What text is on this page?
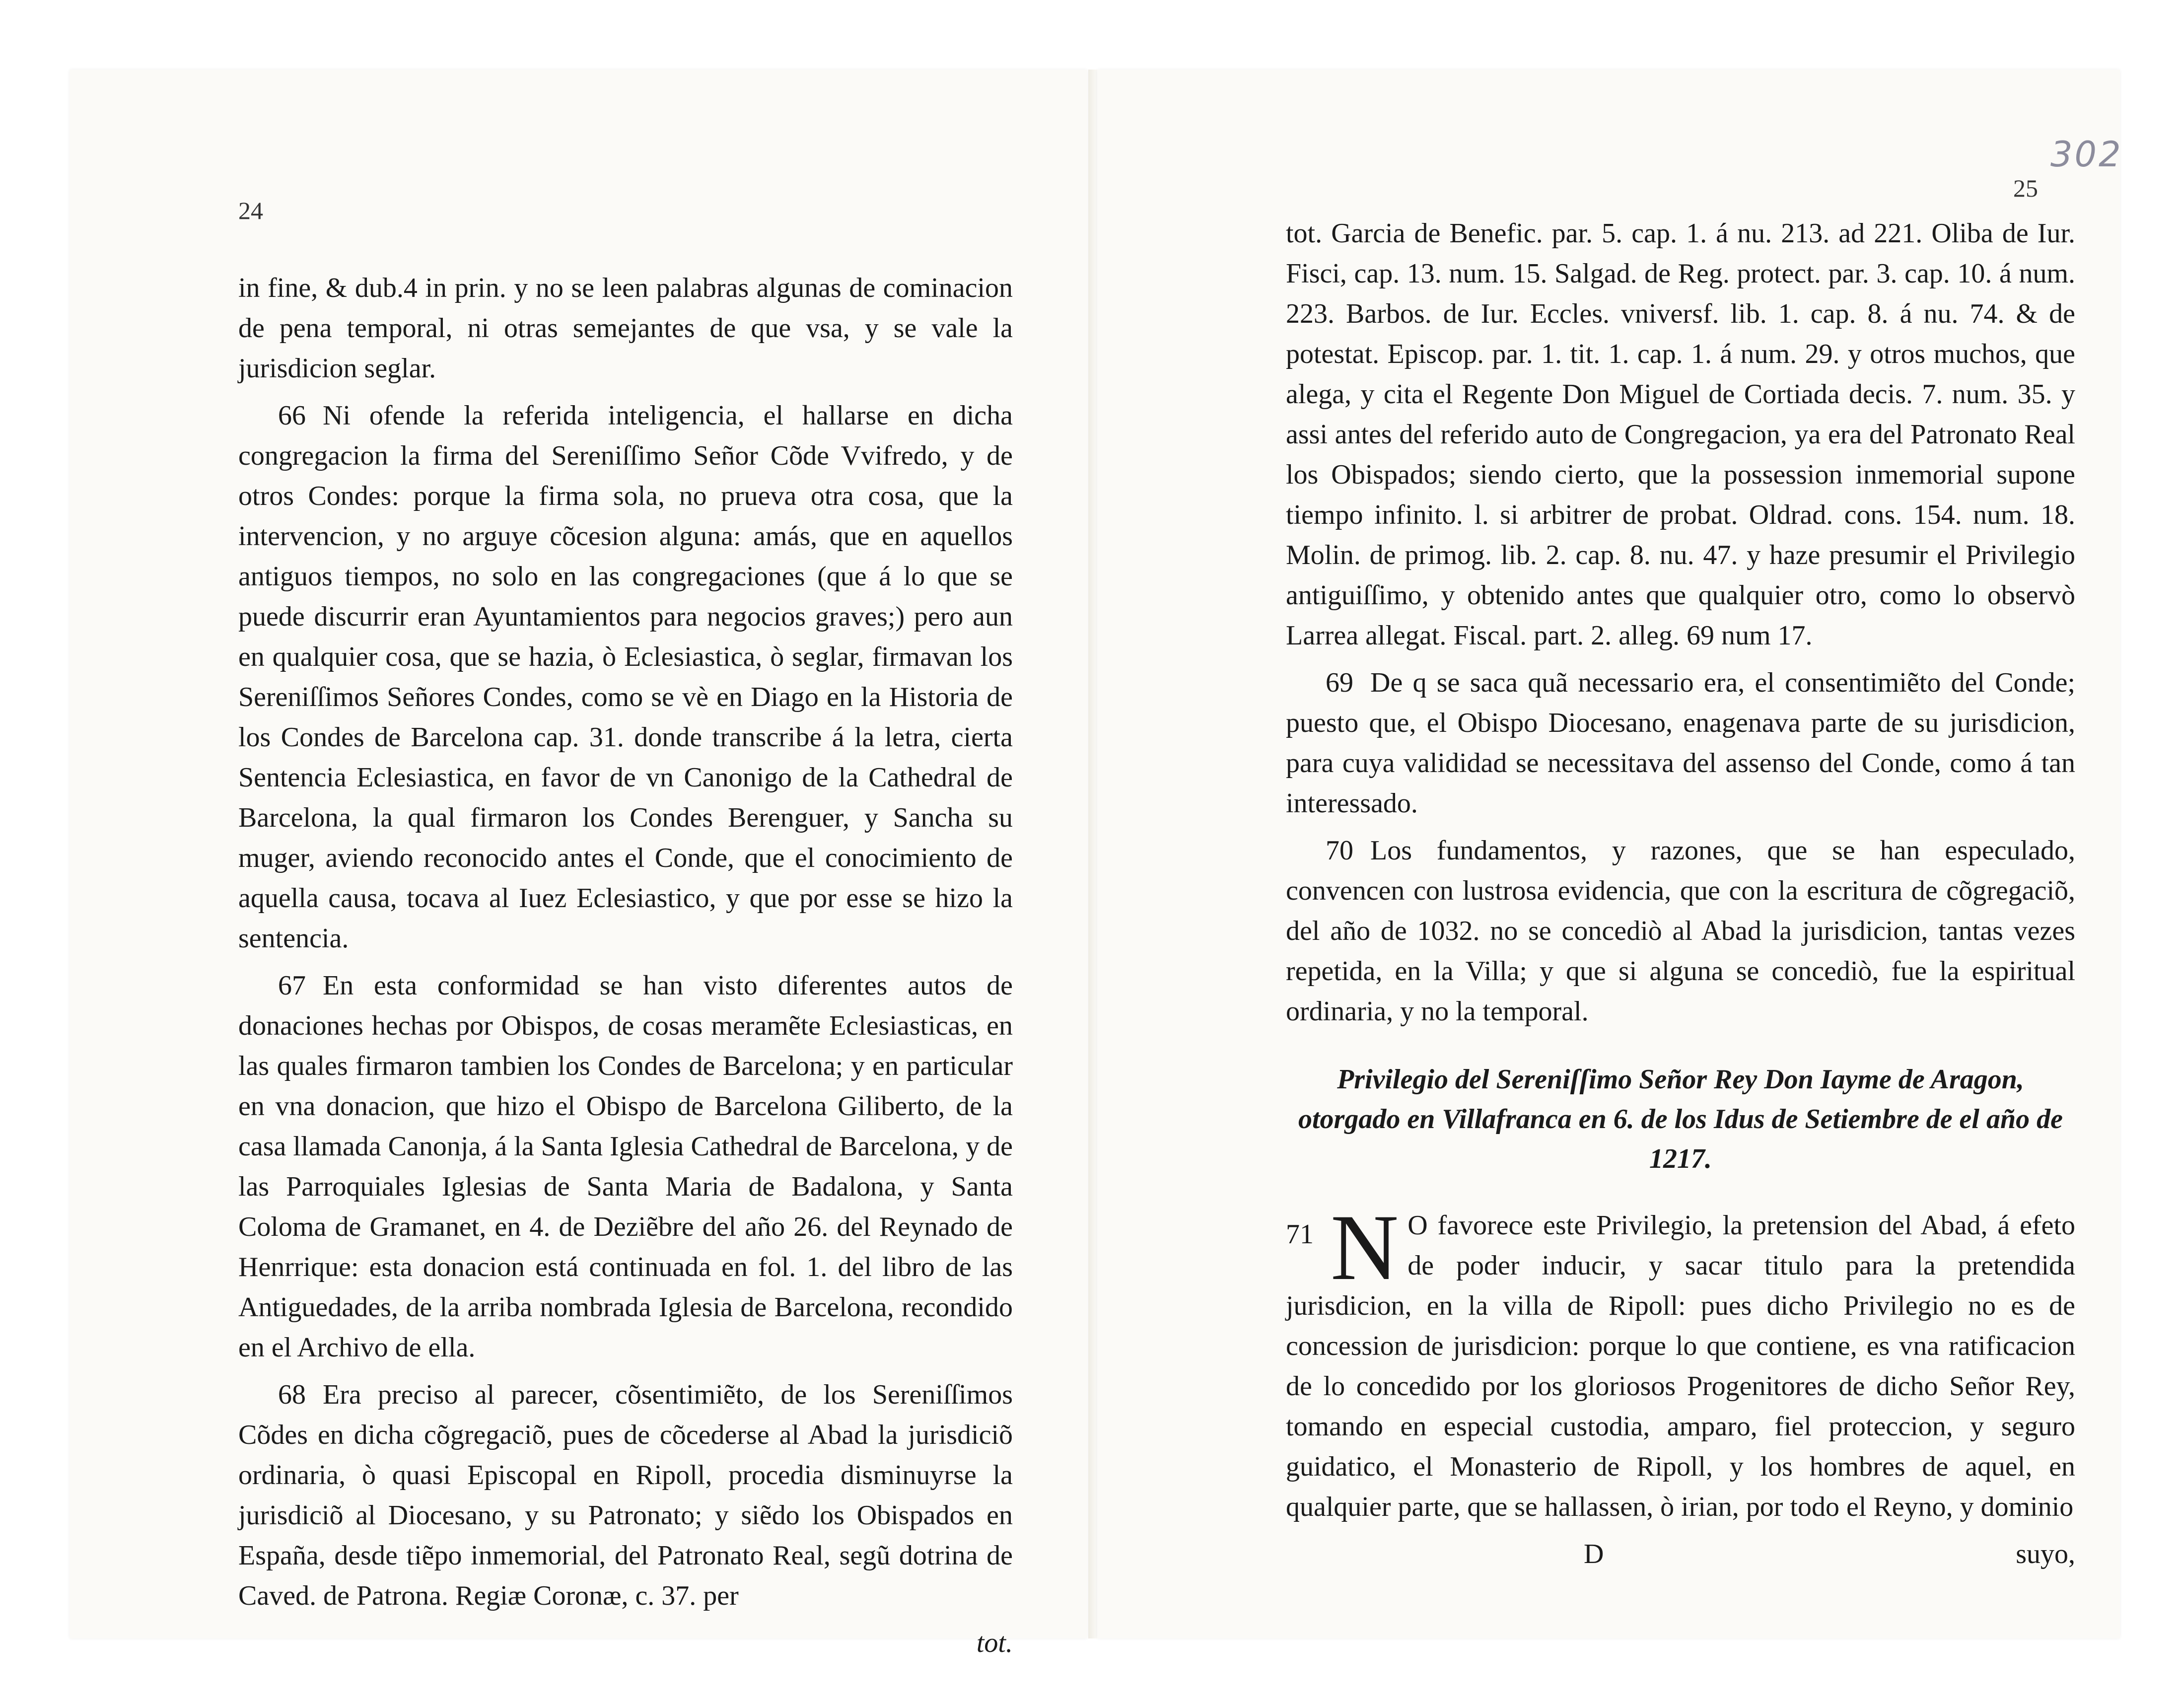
24

in fine, & dub.4 in prin. y no se leen palabras algunas de cominacion de pena temporal, ni otras semejantes de que vsa, y se vale la jurisdicion seglar.

66 Ni ofende la referida inteligencia, el hallarse en dicha congregacion la firma del Sereniſſimo Señor Cõde Vvifredo, y de otros Condes: porque la firma sola, no prueva otra cosa, que la intervencion, y no arguye cõcesion alguna: amás, que en aquellos antiguos tiempos, no solo en las congregaciones (que á lo que se puede discurrir eran Ayuntamientos para negocios graves;) pero aun en qualquier cosa, que se hazia, ò Eclesiastica, ò seglar, firmavan los Sereniſſimos Señores Condes, como se vè en Diago en la Historia de los Condes de Barcelona cap. 31. donde transcribe á la letra, cierta Sentencia Eclesiastica, en favor de vn Canonigo de la Cathedral de Barcelona, la qual firmaron los Condes Berenguer, y Sancha su muger, aviendo reconocido antes el Conde, que el conocimiento de aquella causa, tocava al Iuez Eclesiastico, y que por esse se hizo la sentencia.

67 En esta conformidad se han visto diferentes autos de donaciones hechas por Obispos, de cosas meramẽte Eclesiasticas, en las quales firmaron tambien los Condes de Barcelona; y en particular en vna donacion, que hizo el Obispo de Barcelona Giliberto, de la casa llamada Canonja, á la Santa Iglesia Cathedral de Barcelona, y de las Parroquiales Iglesias de Santa Maria de Badalona, y Santa Coloma de Gramanet, en 4. de Deziẽbre del año 26. del Reynado de Henrrique: esta donacion está continuada en fol. 1. del libro de las Antiguedades, de la arriba nombrada Iglesia de Barcelona, recondido en el Archivo de ella.

68 Era preciso al parecer, cõsentimiẽto, de los Sereniſſimos Cõdes en dicha cõgregaciõ, pues de cõcederse al Abad la jurisdiciõ ordinaria, ò quasi Episcopal en Ripoll, procedia disminuyrse la jurisdiciõ al Diocesano, y su Patronato; y siẽdo los Obispados en España, desde tiẽpo inmemorial, del Patronato Real, segũ dotrina de Caved. de Patrona. Regiæ Coronæ, c. 37. per

tot.

302
25

tot. Garcia de Benefic. par. 5. cap. 1. á nu. 213. ad 221. Oliba de Iur. Fisci, cap. 13. num. 15. Salgad. de Reg. protect. par. 3. cap. 10. á num. 223. Barbos. de Iur. Eccles. vniversf. lib. 1. cap. 8. á nu. 74. & de potestat. Episcop. par. 1. tit. 1. cap. 1. á num. 29. y otros muchos, que alega, y cita el Regente Don Miguel de Cortiada decis. 7. num. 35. y assi antes del referido auto de Congregacion, ya era del Patronato Real los Obispados; siendo cierto, que la possession inmemorial supone tiempo infinito. l. si arbitrer de probat. Oldrad. cons. 154. num. 18. Molin. de primog. lib. 2. cap. 8. nu. 47. y haze presumir el Privilegio antiguiſſimo, y obtenido antes que qualquier otro, como lo observò Larrea allegat. Fiscal. part. 2. alleg. 69 num 17.

69 De q se saca quã necessario era, el consentimiẽto del Conde; puesto que, el Obispo Diocesano, enagenava parte de su jurisdicion, para cuya valididad se necessitava del assenso del Conde, como á tan interessado.

70 Los fundamentos, y razones, que se han especulado, convencen con lustrosa evidencia, que con la escritura de cõgregaciõ, del año de 1032. no se concediò al Abad la jurisdicion, tantas vezes repetida, en la Villa; y que si alguna se concediò, fue la espiritual ordinaria, y no la temporal.

Privilegio del Sereniſſimo Señor Rey Don Iayme de Aragon, otorgado en Villafranca en 6. de los Idus de Setiembre de el año de 1217.

71 N O favorece este Privilegio, la pretension del Abad, á efeto de poder inducir, y sacar titulo para la pretendida jurisdicion, en la villa de Ripoll: pues dicho Privilegio no es de concession de jurisdicion: porque lo que contiene, es vna ratificacion de lo concedido por los gloriosos Progenitores de dicho Señor Rey, tomando en especial custodia, amparo, fiel proteccion, y seguro guidatico, el Monasterio de Ripoll, y los hombres de aquel, en qualquier parte, que se hallassen, ò irian, por todo el Reyno, y dominio

D	suyo,
